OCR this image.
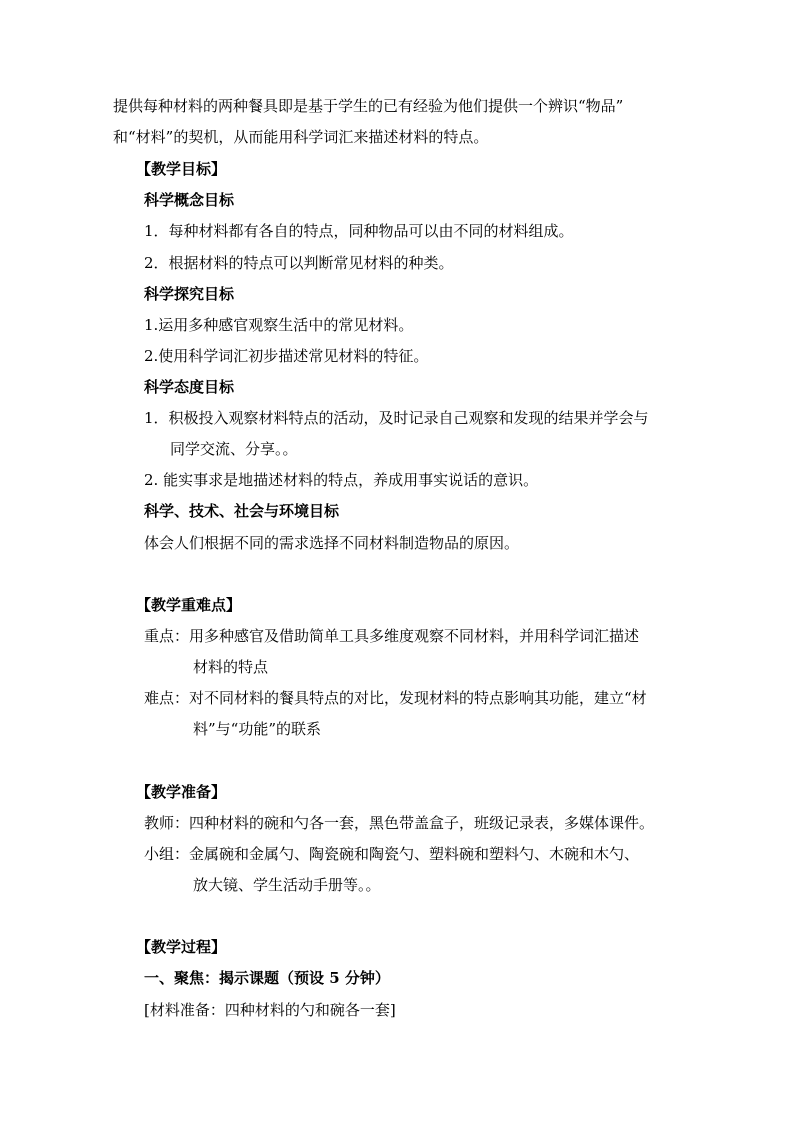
提供每种材料的两种餐具即是基于学生的已有经验为他们提供一个辨识“物品”
和“材料”的契机，从而能用科学词汇来描述材料的特点。
【教学目标】
科学概念目标
1．每种材料都有各自的特点，同种物品可以由不同的材料组成。
2．根据材料的特点可以判断常见材料的种类。
科学探究目标
1.运用多种感官观察生活中的常见材料。
2.使用科学词汇初步描述常见材料的特征。
科学态度目标
1．积极投入观察材料特点的活动，及时记录自己观察和发现的结果并学会与
同学交流、分享。。
2. 能实事求是地描述材料的特点，养成用事实说话的意识。
科学、技术、社会与环境目标
体会人们根据不同的需求选择不同材料制造物品的原因。
【教学重难点】
重点：用多种感官及借助简单工具多维度观察不同材料，并用科学词汇描述
材料的特点
难点：对不同材料的餐具特点的对比，发现材料的特点影响其功能，建立“材
料”与“功能”的联系
【教学准备】
教师：四种材料的碗和勺各一套，黑色带盖盒子，班级记录表，多媒体课件。
小组：金属碗和金属勺、陶瓷碗和陶瓷勺、塑料碗和塑料勺、木碗和木勺、
放大镜、学生活动手册等。。
【教学过程】
一、聚焦：揭示课题（预设 5 分钟）
[材料准备：四种材料的勺和碗各一套]
